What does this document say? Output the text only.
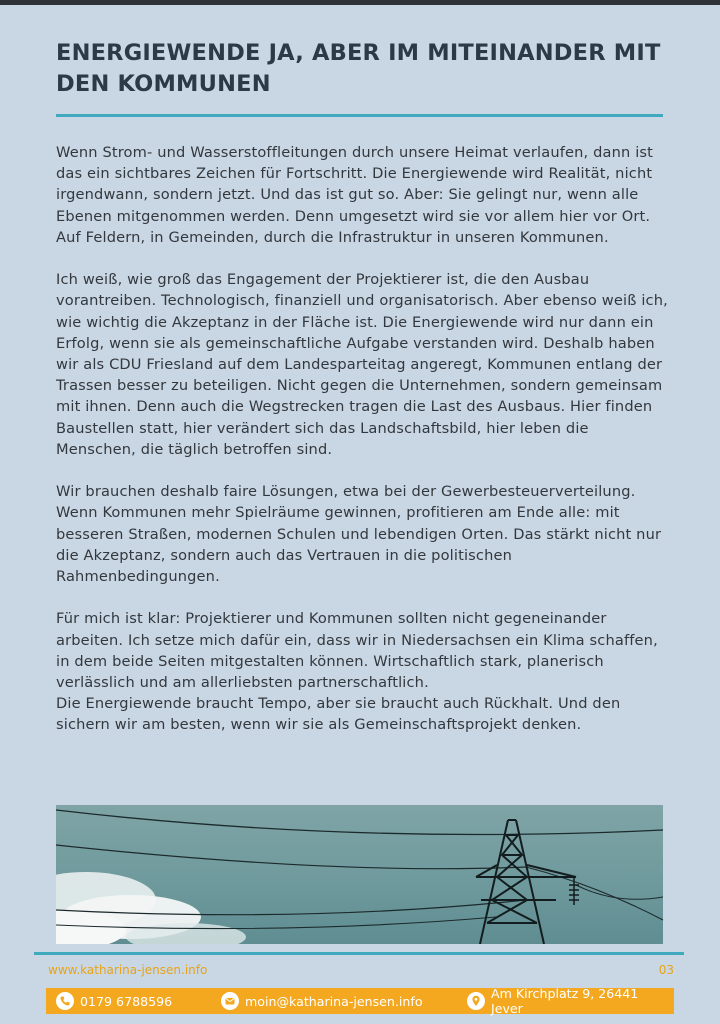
ENERGIEWENDE JA, ABER IM MITEINANDER MIT DEN KOMMUNEN

Wenn Strom- und Wasserstoffleitungen durch unsere Heimat verlaufen, dann ist das ein sichtbares Zeichen für Fortschritt. Die Energiewende wird Realität, nicht irgendwann, sondern jetzt. Und das ist gut so. Aber: Sie gelingt nur, wenn alle Ebenen mitgenommen werden. Denn umgesetzt wird sie vor allem hier vor Ort. Auf Feldern, in Gemeinden, durch die Infrastruktur in unseren Kommunen.

Ich weiß, wie groß das Engagement der Projektierer ist, die den Ausbau vorantreiben. Technologisch, finanziell und organisatorisch. Aber ebenso weiß ich, wie wichtig die Akzeptanz in der Fläche ist. Die Energiewende wird nur dann ein Erfolg, wenn sie als gemeinschaftliche Aufgabe verstanden wird. Deshalb haben wir als CDU Friesland auf dem Landesparteitag angeregt, Kommunen entlang der Trassen besser zu beteiligen. Nicht gegen die Unternehmen, sondern gemeinsam mit ihnen. Denn auch die Wegstrecken tragen die Last des Ausbaus. Hier finden Baustellen statt, hier verändert sich das Landschaftsbild, hier leben die Menschen, die täglich betroffen sind.

Wir brauchen deshalb faire Lösungen, etwa bei der Gewerbesteuerverteilung. Wenn Kommunen mehr Spielräume gewinnen, profitieren am Ende alle: mit besseren Straßen, modernen Schulen und lebendigen Orten. Das stärkt nicht nur die Akzeptanz, sondern auch das Vertrauen in die politischen Rahmenbedingungen.

Für mich ist klar: Projektierer und Kommunen sollten nicht gegeneinander arbeiten. Ich setze mich dafür ein, dass wir in Niedersachsen ein Klima schaffen, in dem beide Seiten mitgestalten können. Wirtschaftlich stark, planerisch verlässlich und am allerliebsten partnerschaftlich.

Die Energiewende braucht Tempo, aber sie braucht auch Rückhalt. Und den sichern wir am besten, wenn wir sie als Gemeinschaftsprojekt denken.

www.katharina-jensen.info	03
0179 6788596	moin@katharina-jensen.info	Am Kirchplatz 9, 26441 Jever
